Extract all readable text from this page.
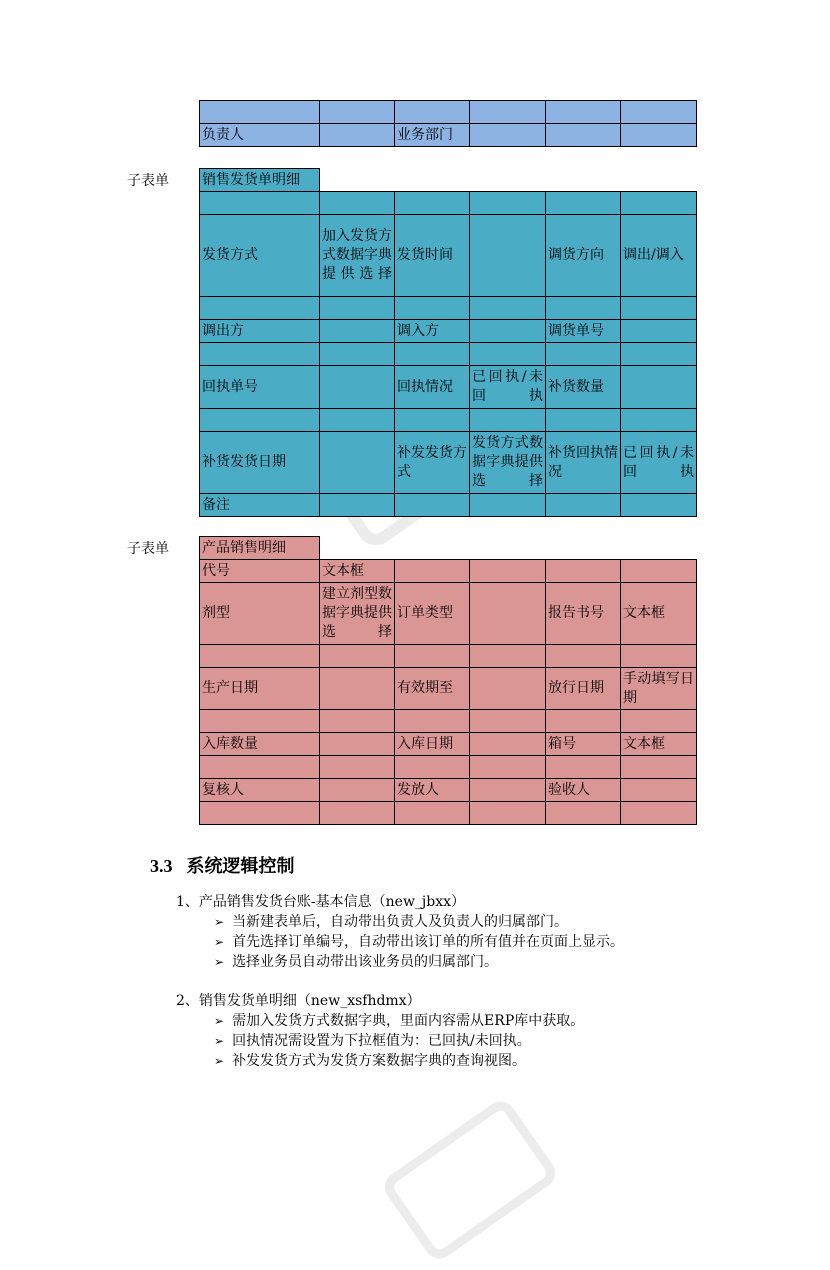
负责人		业务部门			
子表单 销售发货单明细

发货方式	加入发货方式数据字典提供选择	发货时间		调货方向	调出/调入

调出方		调入方		调货单号	

回执单号		回执情况	已回执/未回执	补货数量	

补货发货日期		补发发货方式	发货方式数据字典提供选择	补货回执情况	已回执/未回执
备注					
子表单 产品销售明细
代号	文本框				
剂型	建立剂型数据字典提供选择	订单类型		报告书号	文本框

生产日期		有效期至		放行日期	手动填写日期

入库数量		入库日期		箱号	文本框

复核人		发放人		验收人	

3.3 系统逻辑控制
1、产品销售发货台账-基本信息（new_jbxx）
➢ 当新建表单后，自动带出负责人及负责人的归属部门。
➢ 首先选择订单编号，自动带出该订单的所有值并在页面上显示。
➢ 选择业务员自动带出该业务员的归属部门。
2、销售发货单明细（new_xsfhdmx）
➢ 需加入发货方式数据字典，里面内容需从ERP库中获取。
➢ 回执情况需设置为下拉框值为：已回执/未回执。
➢ 补发发货方式为发货方案数据字典的查询视图。
